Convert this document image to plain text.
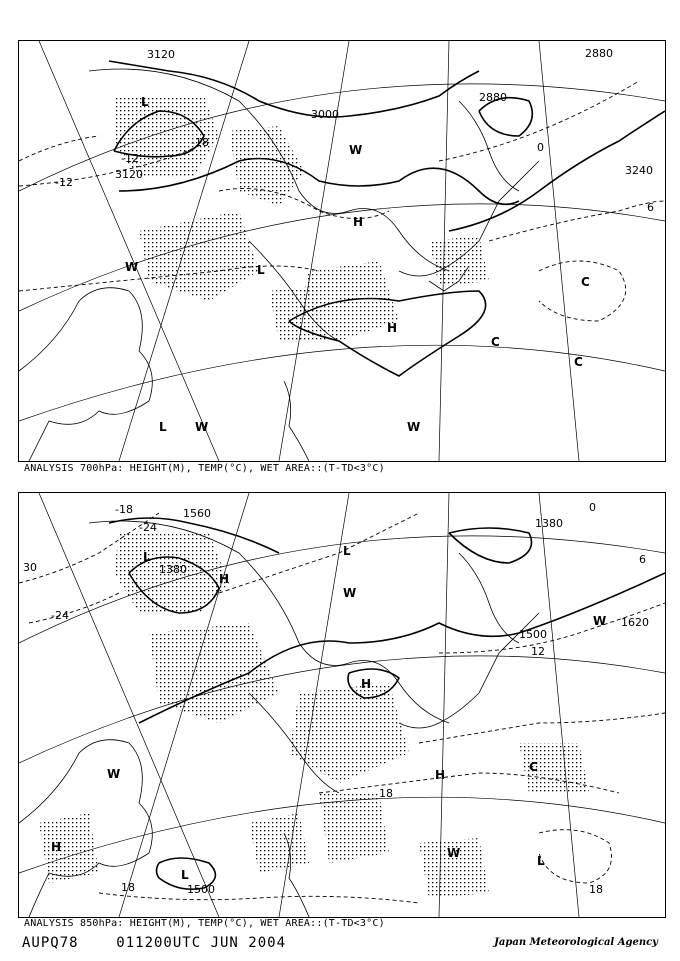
3120
3120
3000
2880
2880
3240
-12
-12
-18	0
6
L
L
L
H
H
W
W
W	W
C
C
C
ANALYSIS 700hPa: HEIGHT(M), TEMP(°C), WET AREA::(T-TD<3°C)
1560
1380
1380
1500
1620
1500
-18
-24
-24
30
12
18
18	18
0
6
L	L
L
L
H
H
H
W
W
W
W
C
H
ANALYSIS 850hPa: HEIGHT(M), TEMP(°C), WET AREA::(T-TD<3°C)
AUPQ78    011200UTC JUN 2004	Japan Meteorological Agency
